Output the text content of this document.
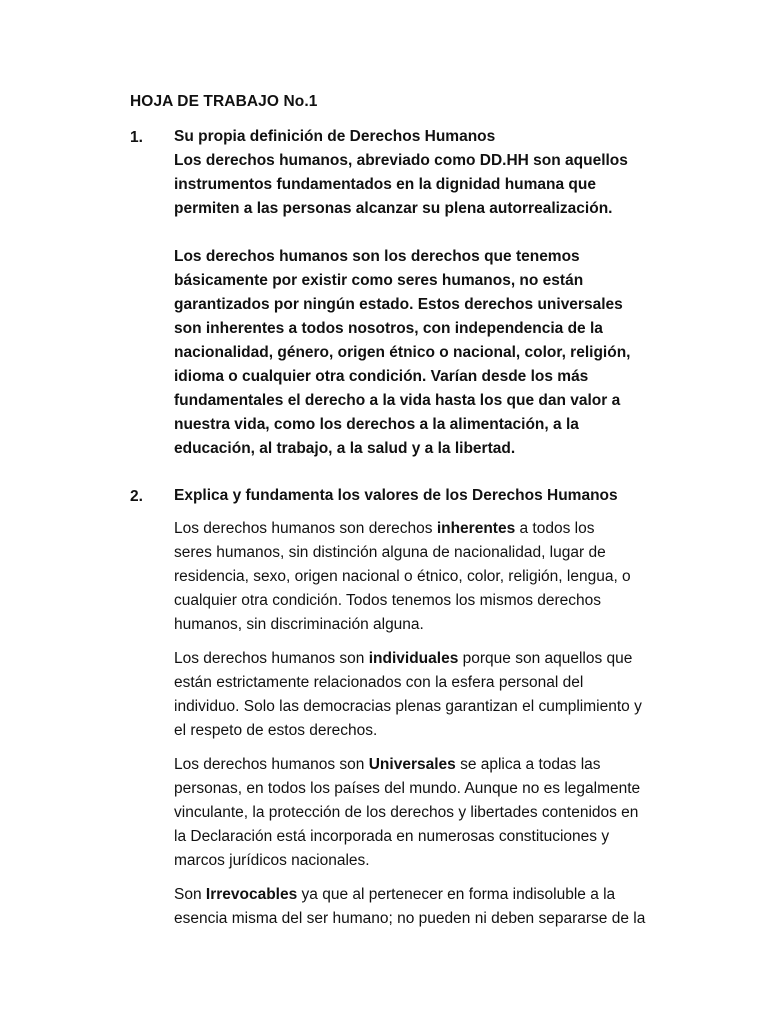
HOJA DE TRABAJO No.1
1. Su propia definición de Derechos Humanos
Los derechos humanos, abreviado como DD.HH son aquellos
instrumentos fundamentados en la dignidad humana que
permiten a las personas alcanzar su plena autorrealización.
Los derechos humanos son los derechos que tenemos
básicamente por existir como seres humanos, no están
garantizados por ningún estado. Estos derechos universales
son inherentes a todos nosotros, con independencia de la
nacionalidad, género, origen étnico o nacional, color, religión,
idioma o cualquier otra condición. Varían desde los más
fundamentales el derecho a la vida hasta los que dan valor a
nuestra vida, como los derechos a la alimentación, a la
educación, al trabajo, a la salud y a la libertad.
2. Explica y fundamenta los valores de los Derechos Humanos
Los derechos humanos son derechos inherentes a todos los
seres humanos, sin distinción alguna de nacionalidad, lugar de
residencia, sexo, origen nacional o étnico, color, religión, lengua, o
cualquier otra condición. Todos tenemos los mismos derechos
humanos, sin discriminación alguna.
Los derechos humanos son individuales porque son aquellos que
están estrictamente relacionados con la esfera personal del
individuo. Solo las democracias plenas garantizan el cumplimiento y
el respeto de estos derechos.
Los derechos humanos son Universales se aplica a todas las
personas, en todos los países del mundo. Aunque no es legalmente
vinculante, la protección de los derechos y libertades contenidos en
la Declaración está incorporada en numerosas constituciones y
marcos jurídicos nacionales.
Son Irrevocables ya que al pertenecer en forma indisoluble a la
esencia misma del ser humano; no pueden ni deben separarse de la
